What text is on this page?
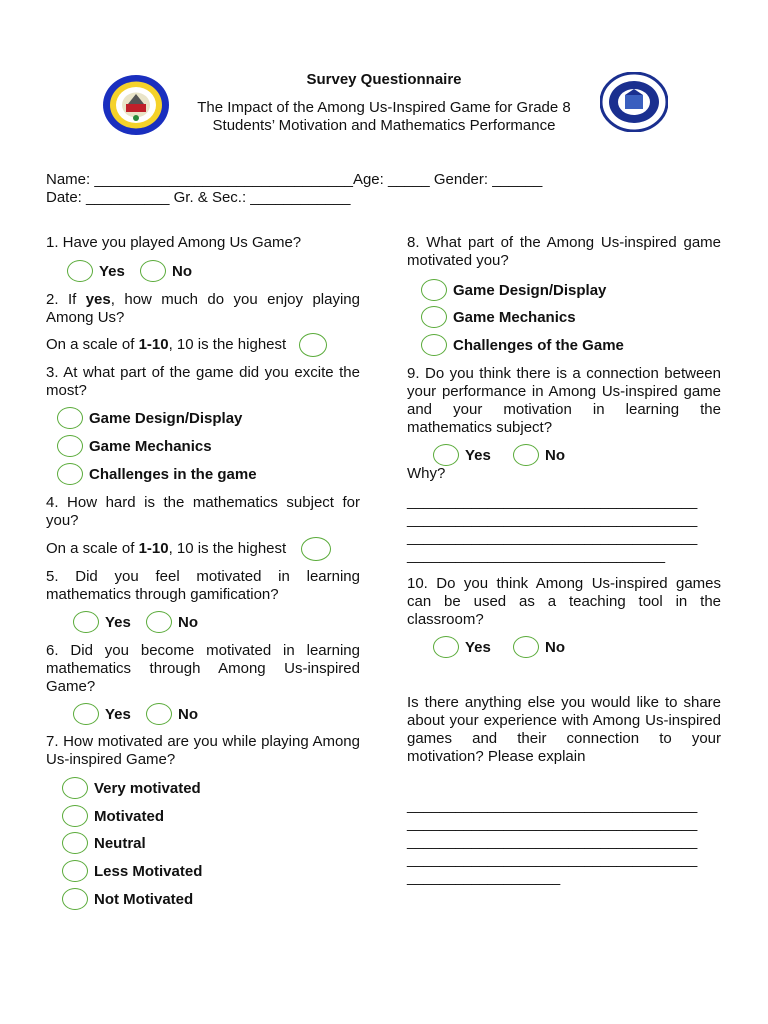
Survey Questionnaire
The Impact of the Among Us-Inspired Game for Grade 8
Students’ Motivation and Mathematics Performance
Name: _______________________________Age: _____ Gender: ______
Date: __________ Gr. & Sec.: ____________
1. Have you played Among Us Game?
Yes	No
2. If yes, how much do you enjoy playing Among Us?
On a scale of 1-10, 10 is the highest
3. At what part of the game did you excite the most?
Game Design/Display
Game Mechanics
Challenges in the game
4. How hard is the mathematics subject for you?
On a scale of 1-10, 10 is the highest
5. Did you feel motivated in learning mathematics through gamification?
Yes	No
6. Did you become motivated in learning mathematics through Among Us-inspired Game?
Yes	No
7. How motivated are you while playing Among Us-inspired Game?
Very motivated
Motivated
Neutral
Less Motivated
Not Motivated
8. What part of the Among Us-inspired game motivated you?
Game Design/Display
Game Mechanics
Challenges of the Game
9. Do you think there is a connection between your performance in Among Us-inspired game and your motivation in learning the mathematics subject?
Yes	No
Why?
____________________________________
____________________________________
____________________________________
________________________________
10. Do you think Among Us-inspired games can be used as a teaching tool in the classroom?
Yes	No
Is there anything else you would like to share about your experience with Among Us-inspired games and their connection to your motivation? Please explain
____________________________________
____________________________________
____________________________________
____________________________________
___________________
